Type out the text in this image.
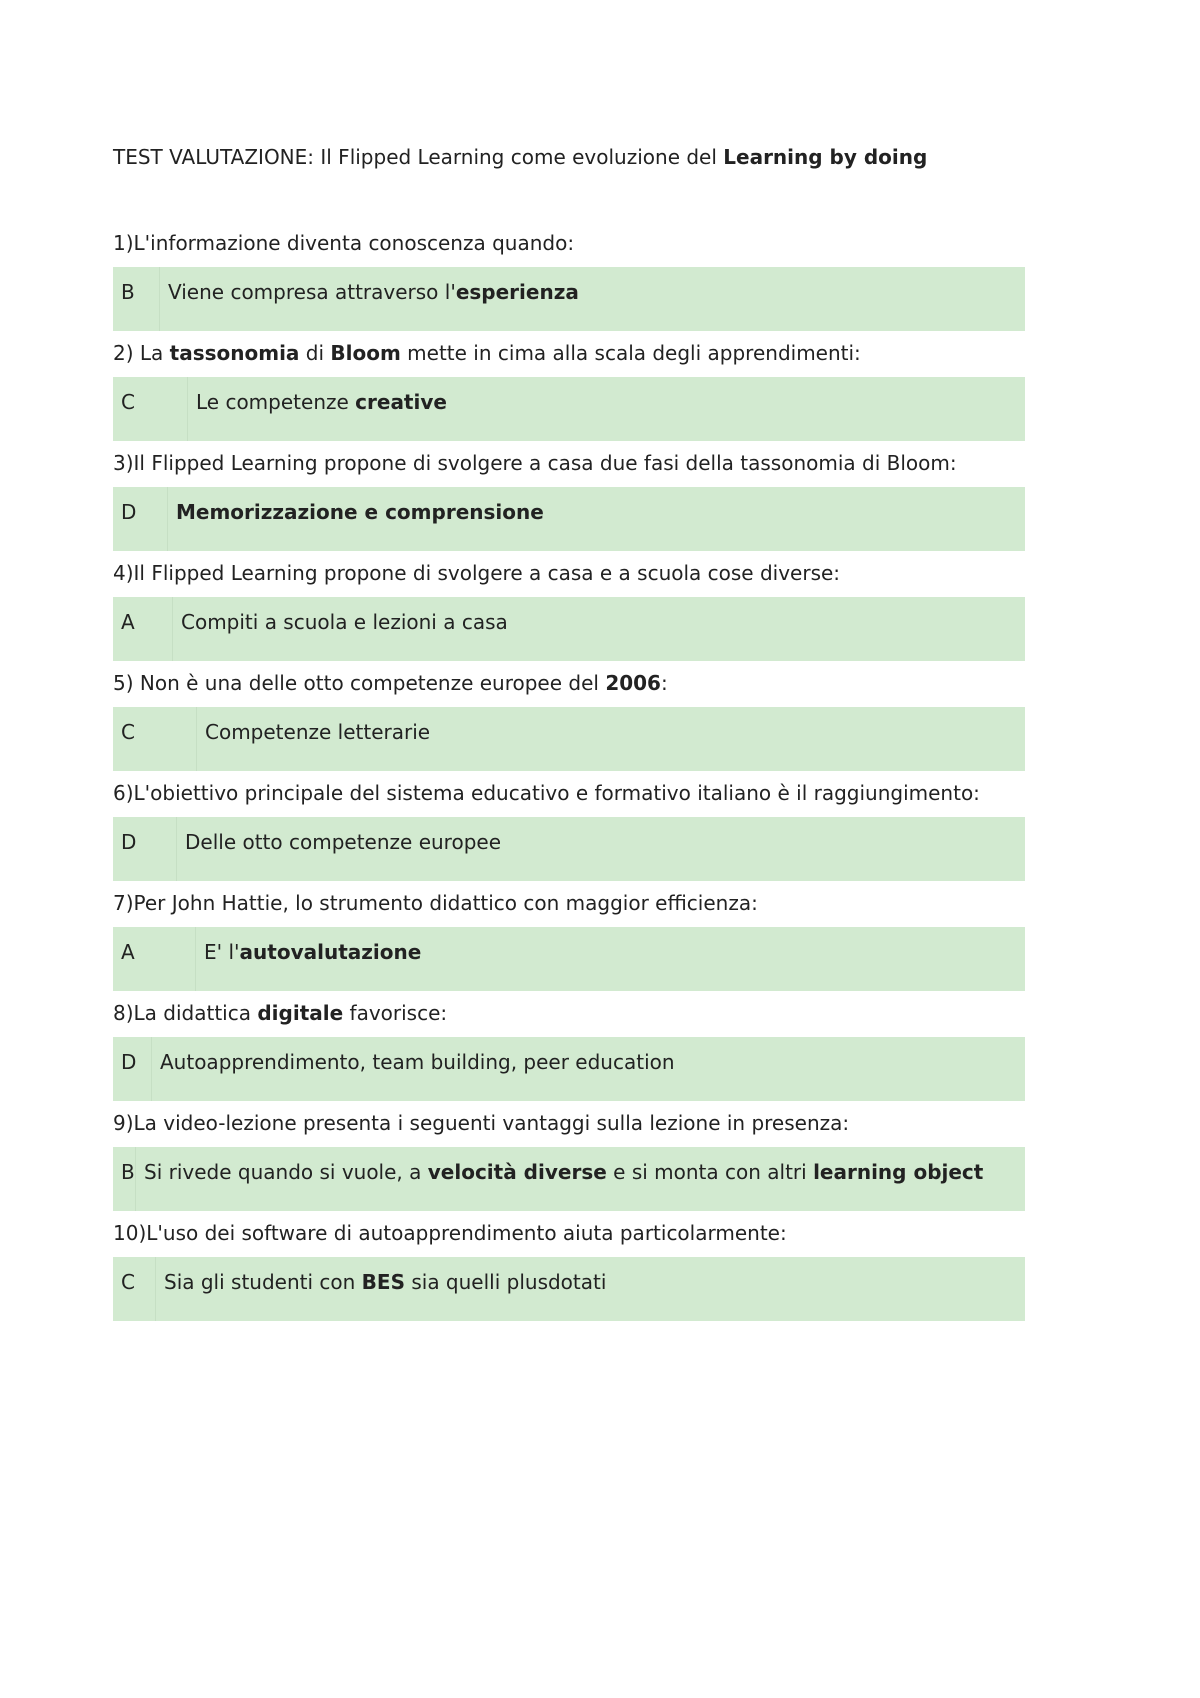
TEST VALUTAZIONE: Il Flipped Learning come evoluzione del Learning by doing
1)L'informazione diventa conoscenza quando:
B	Viene compresa attraverso l'esperienza
2) La tassonomia di Bloom mette in cima alla scala degli apprendimenti:
C	Le competenze creative
3)Il Flipped Learning propone di svolgere a casa due fasi della tassonomia di Bloom:
D	Memorizzazione e comprensione
4)Il Flipped Learning propone di svolgere a casa e a scuola cose diverse:
A	Compiti a scuola e lezioni a casa
5) Non è una delle otto competenze europee del 2006:
C	Competenze letterarie
6)L'obiettivo principale del sistema educativo e formativo italiano è il raggiungimento:
D	Delle otto competenze europee
7)Per John Hattie, lo strumento didattico con maggior efficienza:
A	E' l'autovalutazione
8)La didattica digitale favorisce:
D	Autoapprendimento, team building, peer education
9)La video-lezione presenta i seguenti vantaggi sulla lezione in presenza:
B Si rivede quando si vuole, a velocità diverse e si monta con altri learning object
10)L'uso dei software di autoapprendimento aiuta particolarmente:
C	Sia gli studenti con BES sia quelli plusdotati
